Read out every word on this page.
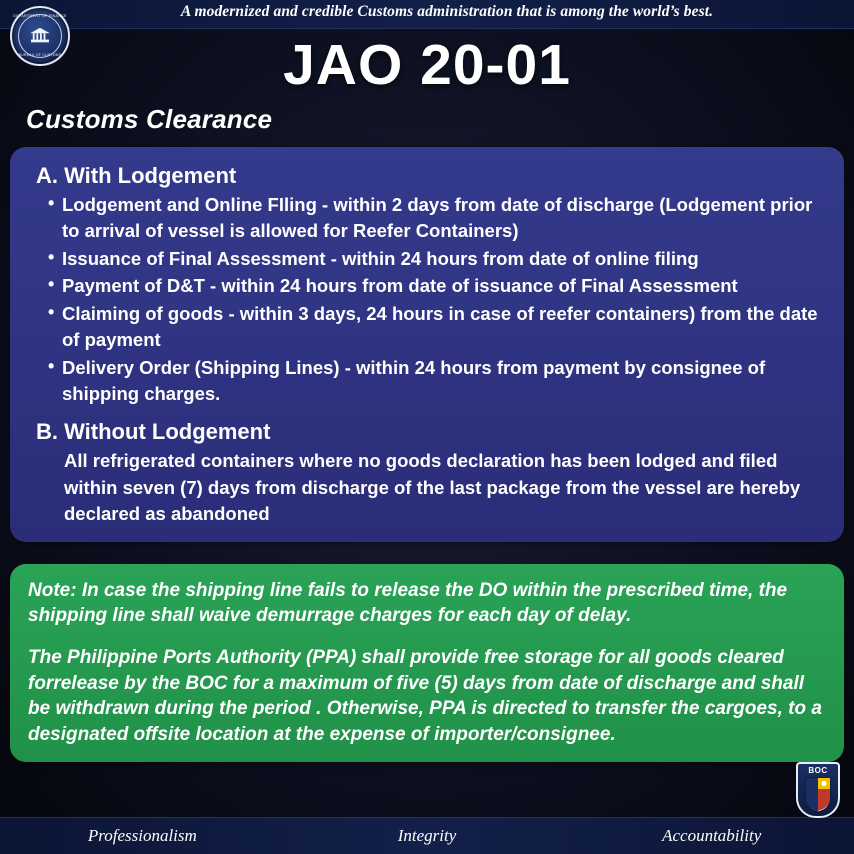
A modernized and credible Customs administration that is among the world’s best.
DEPARTMENT OF FINANCE
BUREAU OF CUSTOMS	JAO 20-01
Customs Clearance
A. With Lodgement
• Lodgement and Online FIling - within 2 days from date of discharge (Lodgement prior to arrival of vessel is allowed for Reefer Containers)
• Issuance of Final Assessment - within 24 hours from date of online filing
• Payment of D&T - within 24 hours from date of issuance of Final Assessment
• Claiming of goods - within 3 days, 24 hours in case of reefer containers) from the date of payment
• Delivery Order (Shipping Lines) - within 24 hours from payment by consignee of shipping charges.
B. Without Lodgement
All refrigerated containers where no goods declaration has been lodged and filed within seven (7) days from discharge of the last package from the vessel are hereby declared as abandoned

Note: In case the shipping line fails to release the DO within the prescribed time, the shipping line shall waive demurrage charges for each day of delay.

The Philippine Ports Authority (PPA) shall provide free storage for all goods cleared forrelease by the BOC for a maximum of five (5) days from date of discharge and shall be withdrawn during the period . Otherwise, PPA is directed to transfer the cargoes, to a designated offsite location at the expense of importer/consignee.

BOC
Professionalism	Integrity	Accountability
